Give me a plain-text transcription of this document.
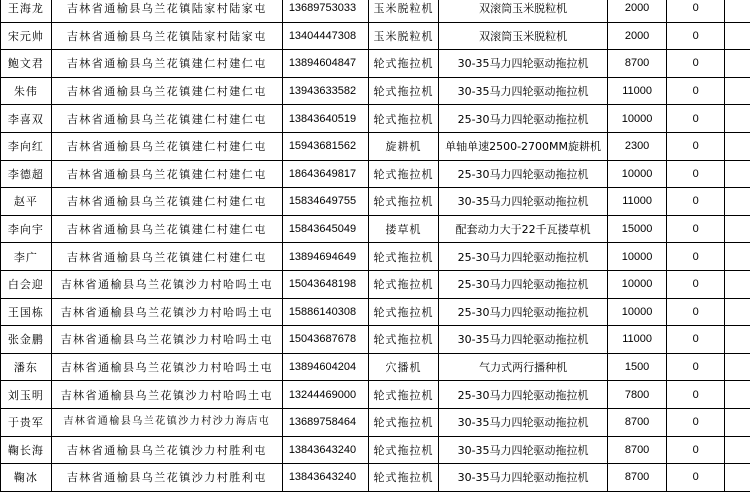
王海龙	吉林省通榆县乌兰花镇陆家村陆家屯	13689753033	玉米脱粒机	双滚筒玉米脱粒机	2000	0	
宋元帅	吉林省通榆县乌兰花镇陆家村陆家屯	13404447308	玉米脱粒机	双滚筒玉米脱粒机	2000	0	
鲍文君	吉林省通榆县乌兰花镇建仁村建仁屯	13894604847	轮式拖拉机	30-35马力四轮驱动拖拉机	8700	0	
朱伟	吉林省通榆县乌兰花镇建仁村建仁屯	13943633582	轮式拖拉机	30-35马力四轮驱动拖拉机	11000	0	
李喜双	吉林省通榆县乌兰花镇建仁村建仁屯	13843640519	轮式拖拉机	25-30马力四轮驱动拖拉机	10000	0	
李向红	吉林省通榆县乌兰花镇建仁村建仁屯	15943681562	旋耕机	单轴单速2500-2700MM旋耕机	2300	0	
李德超	吉林省通榆县乌兰花镇建仁村建仁屯	18643649817	轮式拖拉机	25-30马力四轮驱动拖拉机	10000	0	
赵平	吉林省通榆县乌兰花镇建仁村建仁屯	15834649755	轮式拖拉机	30-35马力四轮驱动拖拉机	11000	0	
李向宇	吉林省通榆县乌兰花镇建仁村建仁屯	15843645049	搂草机	配套动力大于22千瓦搂草机	15000	0	
李广	吉林省通榆县乌兰花镇建仁村建仁屯	13894694649	轮式拖拉机	25-30马力四轮驱动拖拉机	10000	0	
白会迎	吉林省通榆县乌兰花镇沙力村哈吗土屯	15043648198	轮式拖拉机	25-30马力四轮驱动拖拉机	10000	0	
王国栋	吉林省通榆县乌兰花镇沙力村哈吗土屯	15886140308	轮式拖拉机	25-30马力四轮驱动拖拉机	10000	0	
张金鹏	吉林省通榆县乌兰花镇沙力村哈吗土屯	15043687678	轮式拖拉机	30-35马力四轮驱动拖拉机	11000	0	
潘东	吉林省通榆县乌兰花镇沙力村哈吗土屯	13894604204	穴播机	气力式两行播种机	1500	0	
刘玉明	吉林省通榆县乌兰花镇沙力村哈吗土屯	13244469000	轮式拖拉机	25-30马力四轮驱动拖拉机	7800	0	
于贵军	吉林省通榆县乌兰花镇沙力村沙力海店屯	13689758464	轮式拖拉机	30-35马力四轮驱动拖拉机	8700	0	
鞠长海	吉林省通榆县乌兰花镇沙力村胜利屯	13843643240	轮式拖拉机	30-35马力四轮驱动拖拉机	8700	0	
鞠冰	吉林省通榆县乌兰花镇沙力村胜利屯	13843643240	轮式拖拉机	30-35马力四轮驱动拖拉机	8700	0	
